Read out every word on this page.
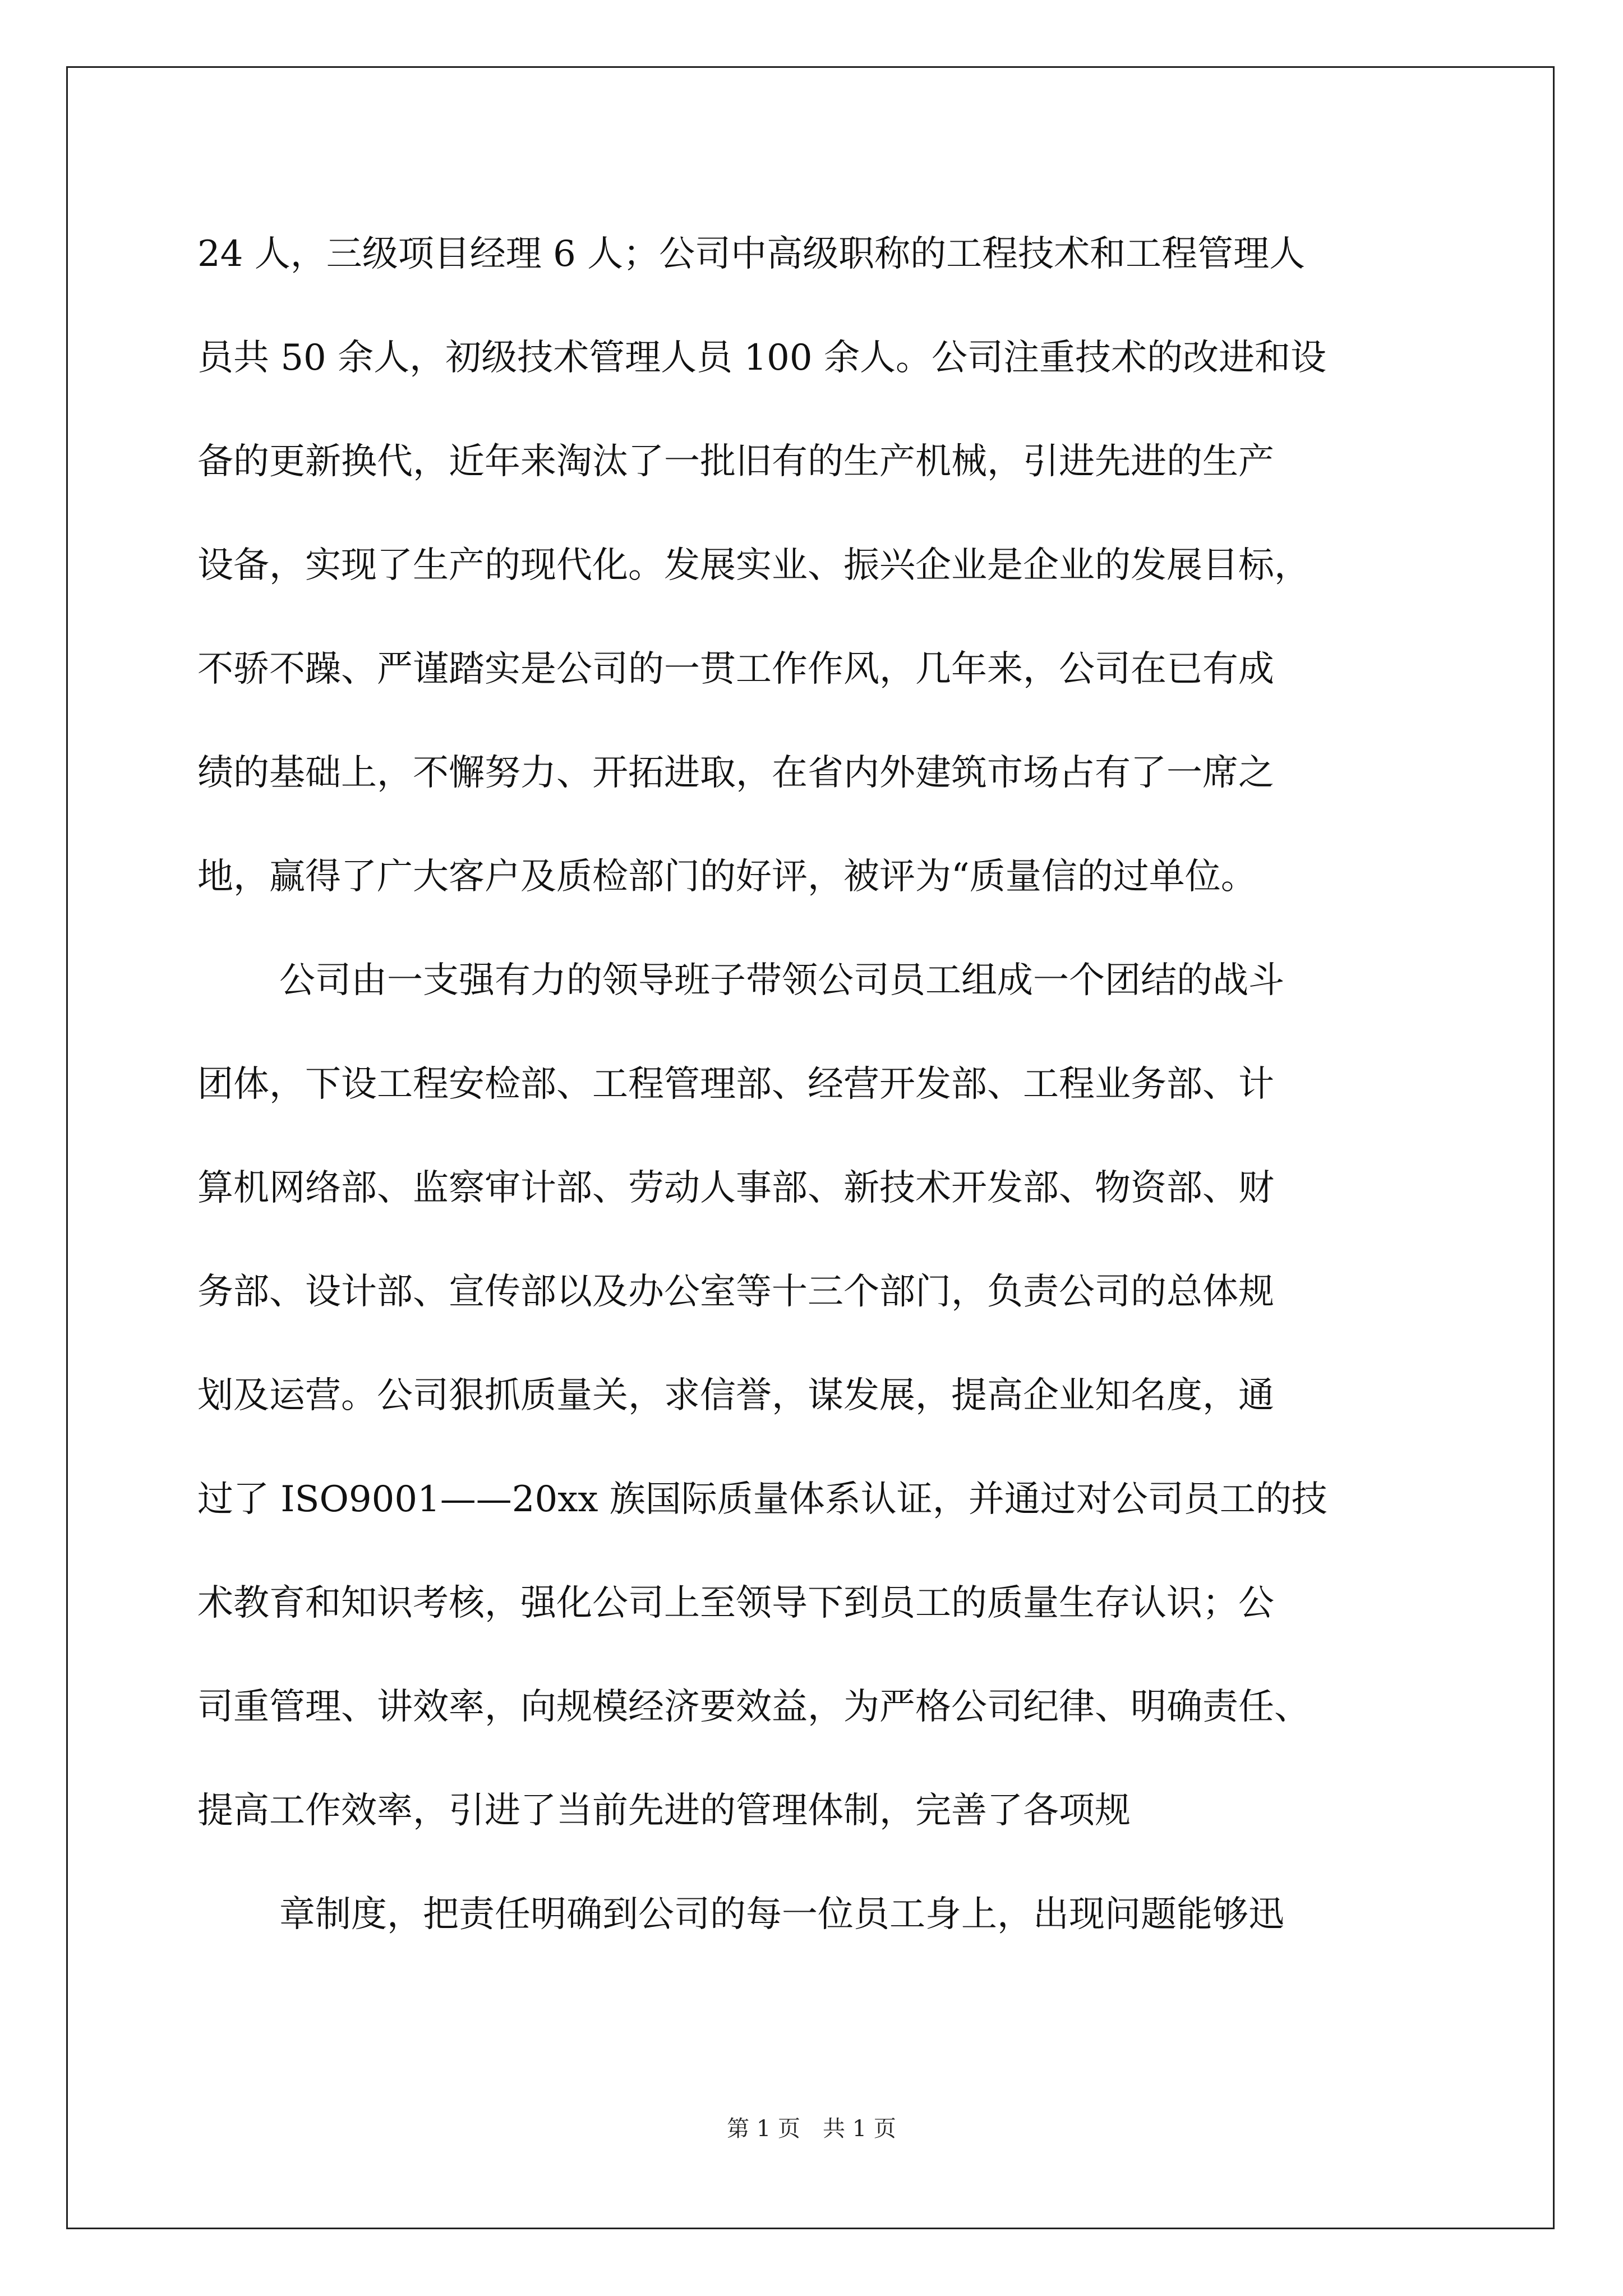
24 人，三级项目经理 6 人；公司中高级职称的工程技术和工程管理人
员共 50 余人，初级技术管理人员 100 余人。公司注重技术的改进和设
备的更新换代，近年来淘汰了一批旧有的生产机械，引进先进的生产
设备，实现了生产的现代化。发展实业、振兴企业是企业的发展目标，
不骄不躁、严谨踏实是公司的一贯工作作风，几年来，公司在已有成
绩的基础上，不懈努力、开拓进取，在省内外建筑市场占有了一席之
地，赢得了广大客户及质检部门的好评，被评为“质量信的过单位。
公司由一支强有力的领导班子带领公司员工组成一个团结的战斗
团体，下设工程安检部、工程管理部、经营开发部、工程业务部、计
算机网络部、监察审计部、劳动人事部、新技术开发部、物资部、财
务部、设计部、宣传部以及办公室等十三个部门，负责公司的总体规
划及运营。公司狠抓质量关，求信誉，谋发展，提高企业知名度，通
过了 ISO9001——20xx 族国际质量体系认证，并通过对公司员工的技
术教育和知识考核，强化公司上至领导下到员工的质量生存认识；公
司重管理、讲效率，向规模经济要效益，为严格公司纪律、明确责任、
提高工作效率，引进了当前先进的管理体制，完善了各项规
章制度，把责任明确到公司的每一位员工身上，出现问题能够迅
第 1 页 共 1 页
